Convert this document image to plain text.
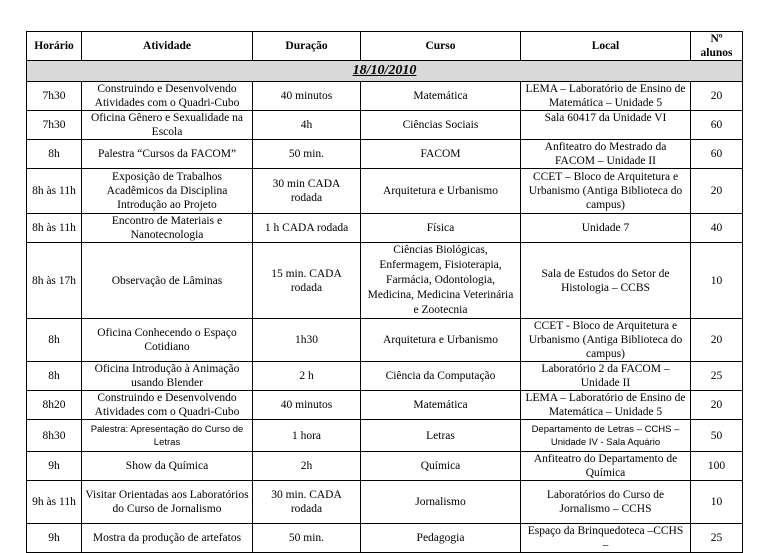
Horário	Atividade	Duração	Curso	Local	Nº alunos
18/10/2010					
7h30	Construindo e Desenvolvendo Atividades com o Quadri-Cubo	40 minutos	Matemática	LEMA – Laboratório de Ensino de Matemática – Unidade 5	20
7h30	Oficina Gênero e Sexualidade na Escola	4h	Ciências Sociais	Sala 60417 da Unidade VI	60
8h	Palestra “Cursos da FACOM”	50 min.	FACOM	Anfiteatro do Mestrado da FACOM – Unidade II	60
8h às 11h	Exposição de Trabalhos Acadêmicos da Disciplina Introdução ao Projeto	30 min CADA rodada	Arquitetura e Urbanismo	CCET – Bloco de Arquitetura e Urbanismo (Antiga Biblioteca do campus)	20
8h às 11h	Encontro de Materiais e Nanotecnologia	1 h CADA rodada	Física	Unidade 7	40
8h às 17h	Observação de Lâminas	15 min. CADA rodada	Ciências Biológicas, Enfermagem, Fisioterapia, Farmácia, Odontologia, Medicina, Medicina Veterinária e Zootecnia	Sala de Estudos do Setor de Histologia – CCBS	10
8h	Oficina Conhecendo o Espaço Cotidiano	1h30	Arquitetura e Urbanismo	CCET - Bloco de Arquitetura e Urbanismo (Antiga Biblioteca do campus)	20
8h	Oficina Introdução à Animação usando Blender	2 h	Ciência da Computação	Laboratório 2 da FACOM – Unidade II	25
8h20	Construindo e Desenvolvendo Atividades com o Quadri-Cubo	40 minutos	Matemática	LEMA – Laboratório de Ensino de Matemática – Unidade 5	20
8h30	Palestra: Apresentação do Curso de Letras	1 hora	Letras	Departamento de Letras – CCHS – Unidade IV - Sala Aquário	50
9h	Show da Química	2h	Química	Anfiteatro do Departamento de Química	100
9h às 11h	Visitar Orientadas aos Laboratórios do Curso de Jornalismo	30 min. CADA rodada	Jornalismo	Laboratórios do Curso de Jornalismo – CCHS	10
9h	Mostra da produção de artefatos	50 min.	Pedagogia	Espaço da Brinquedoteca –CCHS –	25
